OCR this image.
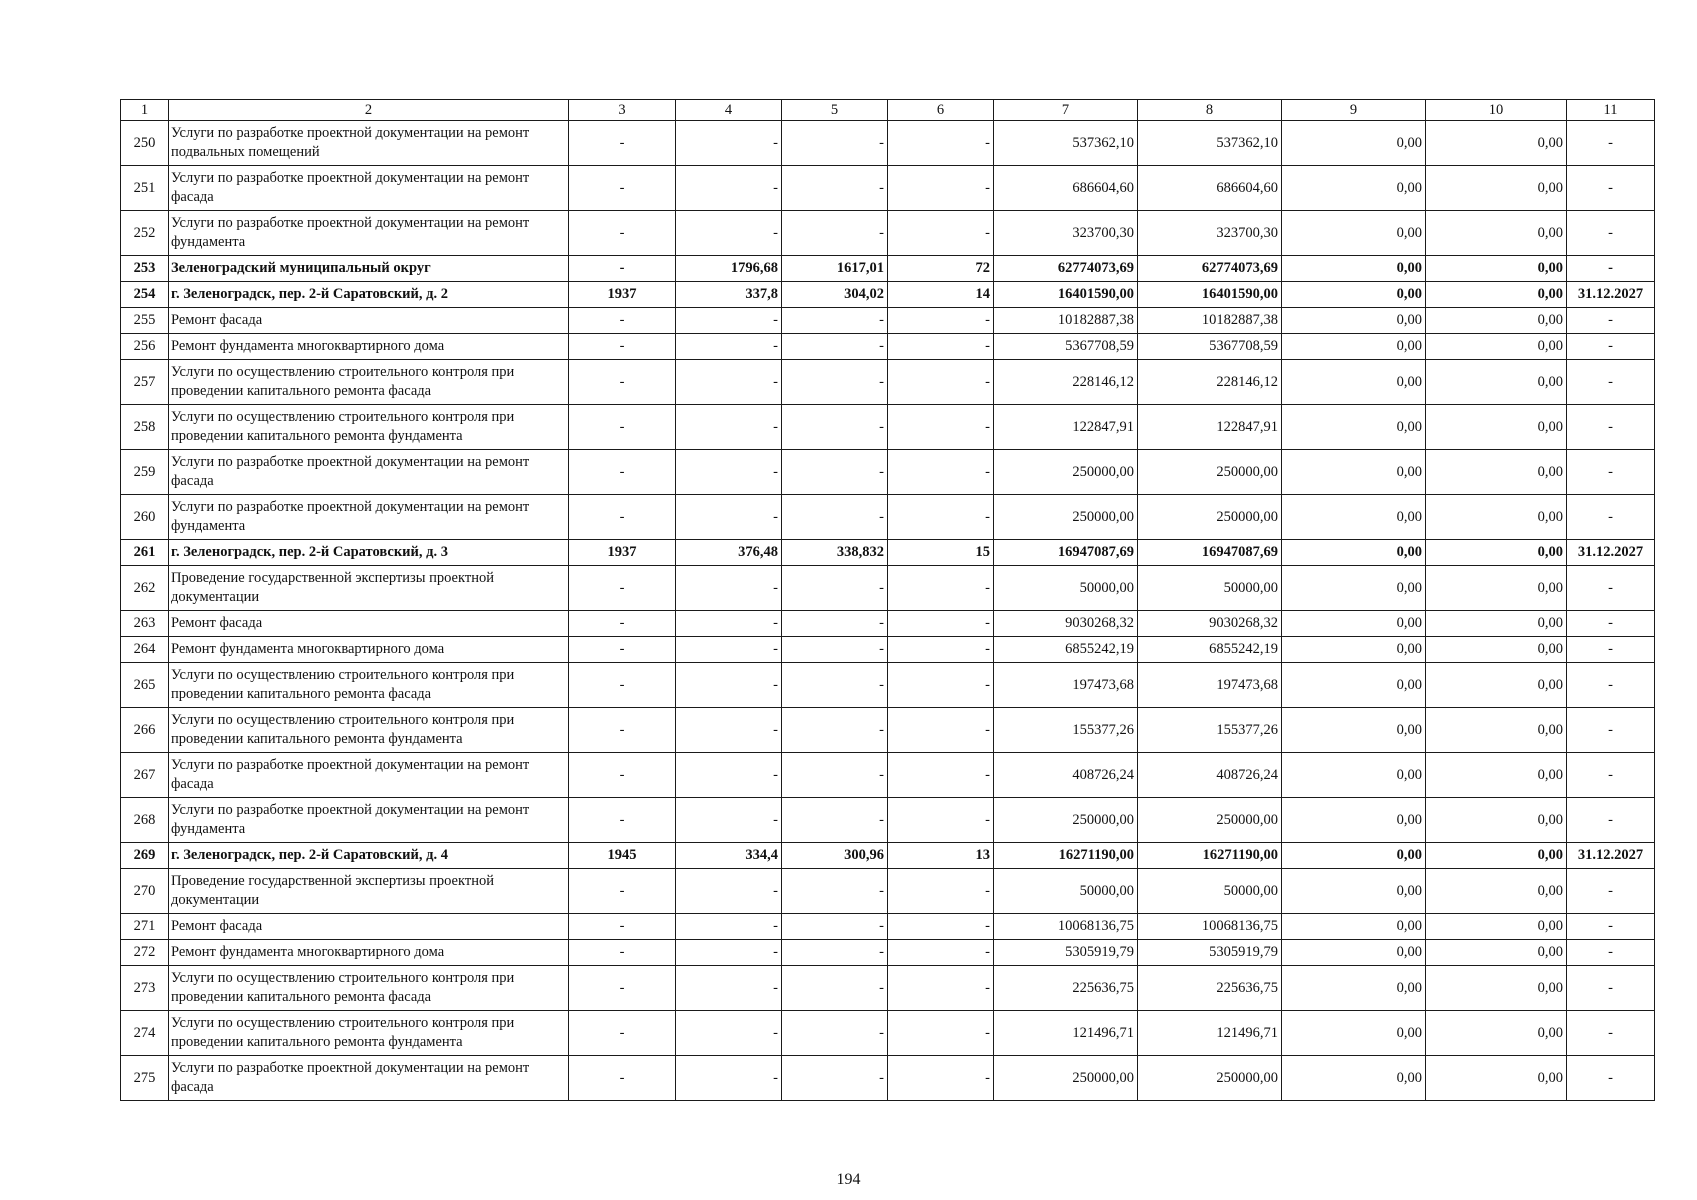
1	2	3	4	5	6	7	8	9	10	11
250	Услуги по разработке проектной документации на ремонт подвальных помещений	-	-	-	-	537362,10	537362,10	0,00	0,00	-
251	Услуги по разработке проектной документации на ремонт фасада	-	-	-	-	686604,60	686604,60	0,00	0,00	-
252	Услуги по разработке проектной документации на ремонт фундамента	-	-	-	-	323700,30	323700,30	0,00	0,00	-
253	Зеленоградский муниципальный округ	-	1796,68	1617,01	72	62774073,69	62774073,69	0,00	0,00	-
254	г. Зеленоградск, пер. 2-й Саратовский, д. 2	1937	337,8	304,02	14	16401590,00	16401590,00	0,00	0,00	31.12.2027
255	Ремонт фасада	-	-	-	-	10182887,38	10182887,38	0,00	0,00	-
256	Ремонт фундамента многоквартирного дома	-	-	-	-	5367708,59	5367708,59	0,00	0,00	-
257	Услуги по осуществлению строительного контроля при проведении капитального ремонта фасада	-	-	-	-	228146,12	228146,12	0,00	0,00	-
258	Услуги по осуществлению строительного контроля при проведении капитального ремонта фундамента	-	-	-	-	122847,91	122847,91	0,00	0,00	-
259	Услуги по разработке проектной документации на ремонт фасада	-	-	-	-	250000,00	250000,00	0,00	0,00	-
260	Услуги по разработке проектной документации на ремонт фундамента	-	-	-	-	250000,00	250000,00	0,00	0,00	-
261	г. Зеленоградск, пер. 2-й Саратовский, д. 3	1937	376,48	338,832	15	16947087,69	16947087,69	0,00	0,00	31.12.2027
262	Проведение государственной экспертизы проектной документации	-	-	-	-	50000,00	50000,00	0,00	0,00	-
263	Ремонт фасада	-	-	-	-	9030268,32	9030268,32	0,00	0,00	-
264	Ремонт фундамента многоквартирного дома	-	-	-	-	6855242,19	6855242,19	0,00	0,00	-
265	Услуги по осуществлению строительного контроля при проведении капитального ремонта фасада	-	-	-	-	197473,68	197473,68	0,00	0,00	-
266	Услуги по осуществлению строительного контроля при проведении капитального ремонта фундамента	-	-	-	-	155377,26	155377,26	0,00	0,00	-
267	Услуги по разработке проектной документации на ремонт фасада	-	-	-	-	408726,24	408726,24	0,00	0,00	-
268	Услуги по разработке проектной документации на ремонт фундамента	-	-	-	-	250000,00	250000,00	0,00	0,00	-
269	г. Зеленоградск, пер. 2-й Саратовский, д. 4	1945	334,4	300,96	13	16271190,00	16271190,00	0,00	0,00	31.12.2027
270	Проведение государственной экспертизы проектной документации	-	-	-	-	50000,00	50000,00	0,00	0,00	-
271	Ремонт фасада	-	-	-	-	10068136,75	10068136,75	0,00	0,00	-
272	Ремонт фундамента многоквартирного дома	-	-	-	-	5305919,79	5305919,79	0,00	0,00	-
273	Услуги по осуществлению строительного контроля при проведении капитального ремонта фасада	-	-	-	-	225636,75	225636,75	0,00	0,00	-
274	Услуги по осуществлению строительного контроля при проведении капитального ремонта фундамента	-	-	-	-	121496,71	121496,71	0,00	0,00	-
275	Услуги по разработке проектной документации на ремонт фасада	-	-	-	-	250000,00	250000,00	0,00	0,00	-
194
